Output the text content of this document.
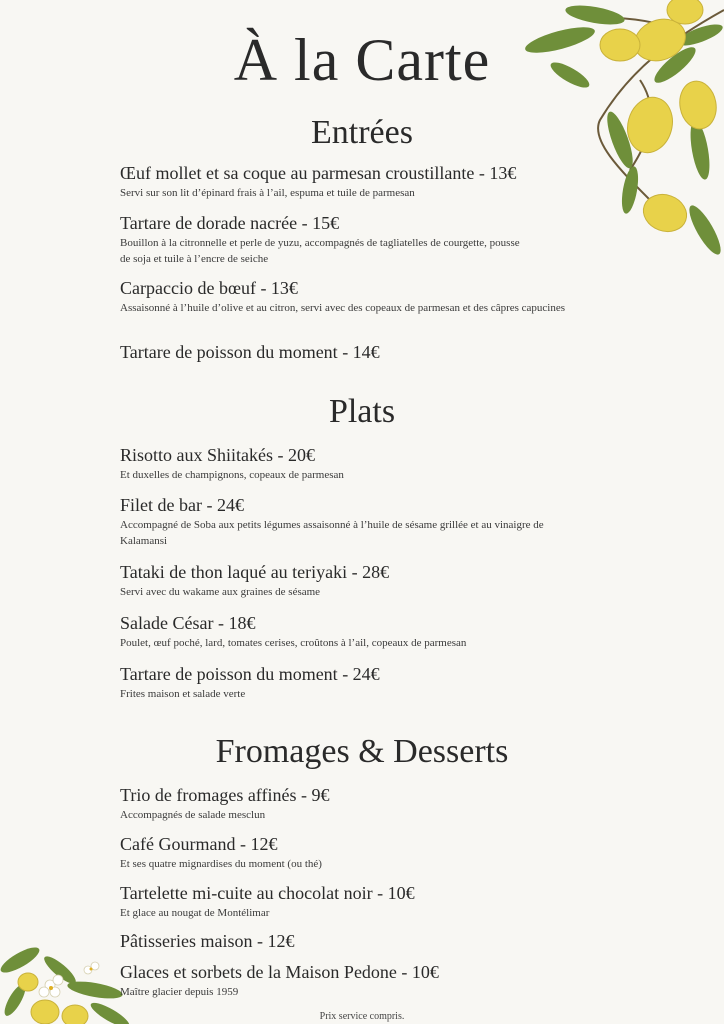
À la Carte
Entrées
Œuf mollet et sa coque au parmesan croustillante - 13€
Servi sur son lit d’épinard frais à l’ail, espuma et tuile de parmesan
Tartare de dorade nacrée - 15€
Bouillon à la citronnelle et perle de yuzu, accompagnés de tagliatelles de courgette, pousse de soja et tuile à l’encre de seiche
Carpaccio de bœuf - 13€
Assaisonné à l’huile d’olive et au citron, servi avec des copeaux de parmesan et des câpres capucines
Tartare de poisson du moment - 14€
Plats
Risotto aux Shiitakés - 20€
Et duxelles de champignons, copeaux de parmesan
Filet de bar - 24€
Accompagné de Soba aux petits légumes assaisonné à l’huile de sésame grillée et au vinaigre de Kalamansi
Tataki de thon laqué au teriyaki - 28€
Servi avec du wakame aux graines de sésame
Salade César - 18€
Poulet, œuf poché, lard, tomates cerises, croûtons à l’ail, copeaux de parmesan
Tartare de poisson du moment - 24€
Frites maison et salade verte
Fromages & Desserts
Trio de fromages affinés - 9€
Accompagnés de salade mesclun
Café Gourmand - 12€
Et ses quatre mignardises du moment (ou thé)
Tartelette mi-cuite au chocolat noir - 10€
Et glace au nougat de Montélimar
Pâtisseries maison - 12€
Glaces et sorbets de la Maison Pedone - 10€
Maître glacier depuis 1959
Prix service compris.
